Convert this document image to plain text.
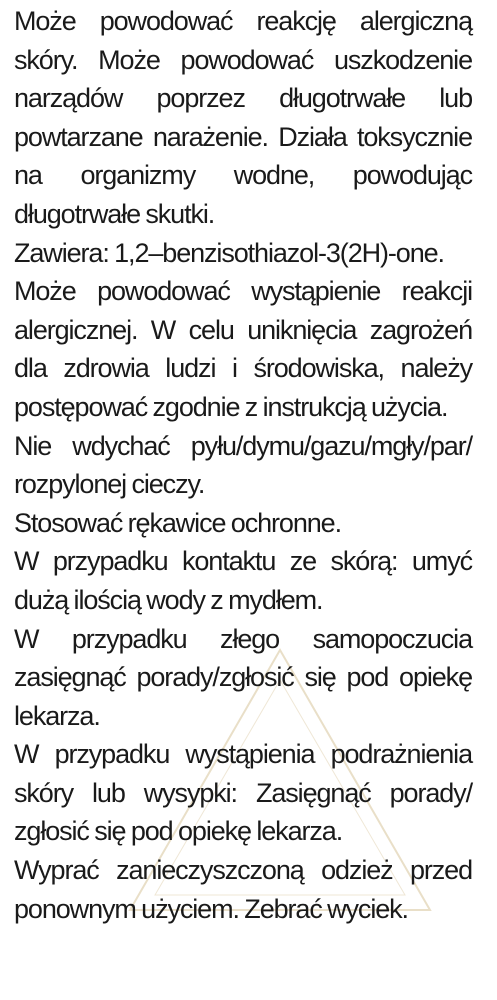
Może powodować reakcję alergiczną skóry. Może powodować uszkodzenie narządów poprzez długotrwałe lub powtarzane narażenie. Działa toksycznie na organizmy wodne, powodując długotrwałe skutki.

Zawiera: 1,2–benzisothiazol-3(2H)-one.

Może powodować wystąpienie reakcji alergicznej. W celu uniknięcia zagrożeń dla zdrowia ludzi i środowiska, należy postępować zgodnie z instrukcją użycia.

Nie wdychać pyłu/dymu/gazu/mgły/par/ rozpylonej cieczy.

Stosować rękawice ochronne.

W przypadku kontaktu ze skórą: umyć dużą ilością wody z mydłem.

W przypadku złego samopoczucia zasięgnąć porady/zgłosić się pod opiekę lekarza.

W przypadku wystąpienia podrażnienia skóry lub wysypki: Zasięgnąć porady/ zgłosić się pod opiekę lekarza.

Wyprać zanieczyszczoną odzież przed ponownym użyciem. Zebrać wyciek.
